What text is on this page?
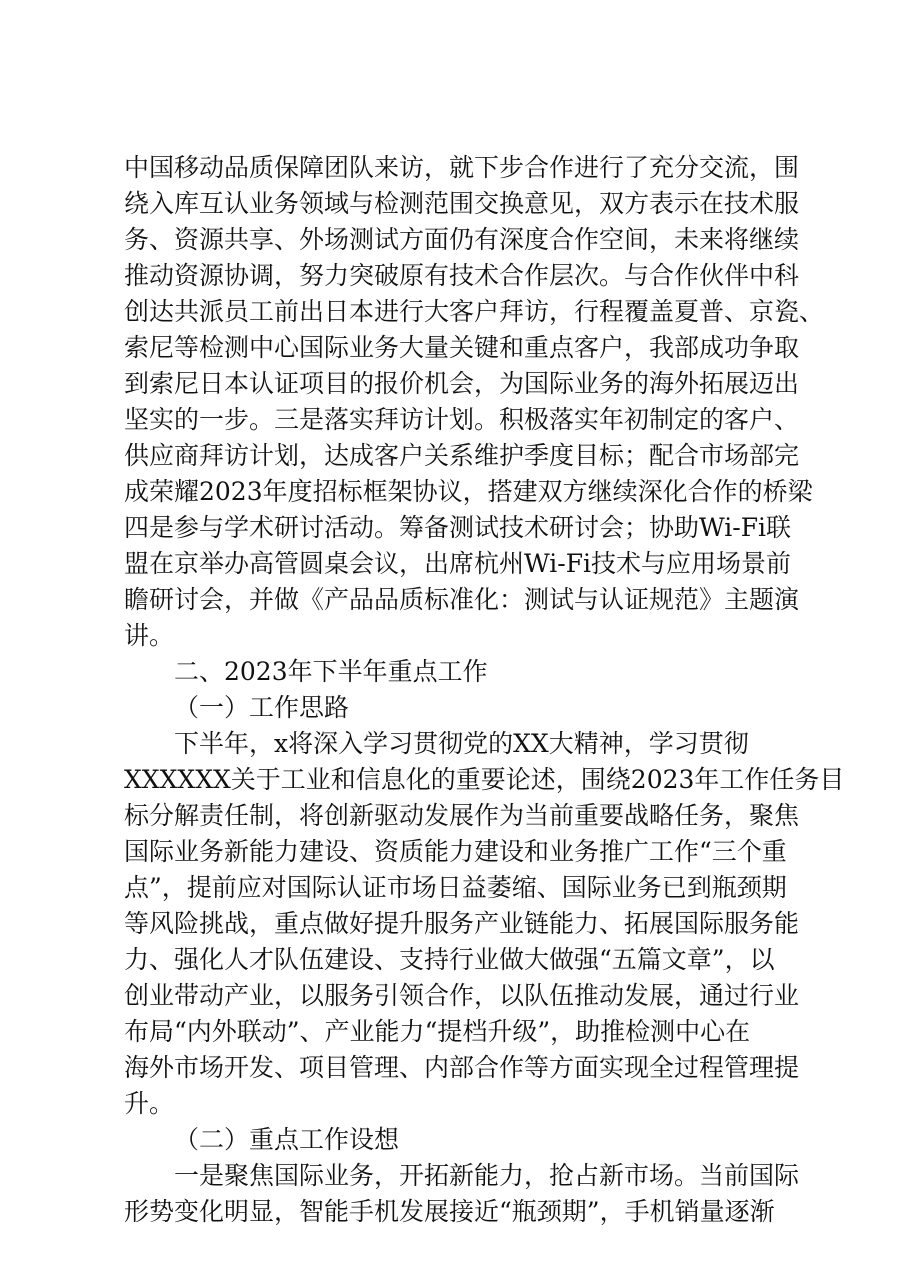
中国移动品质保障团队来访，就下步合作进行了充分交流，围
绕入库互认业务领域与检测范围交换意见，双方表示在技术服
务、资源共享、外场测试方面仍有深度合作空间，未来将继续
推动资源协调，努力突破原有技术合作层次。与合作伙伴中科
创达共派员工前出日本进行大客户拜访，行程覆盖夏普、京瓷、
索尼等检测中心国际业务大量关键和重点客户，我部成功争取
到索尼日本认证项目的报价机会，为国际业务的海外拓展迈出
坚实的一步。三是落实拜访计划。积极落实年初制定的客户、
供应商拜访计划，达成客户关系维护季度目标；配合市场部完
成荣耀2023年度招标框架协议，搭建双方继续深化合作的桥梁
四是参与学术研讨活动。筹备测试技术研讨会；协助Wi-Fi联
盟在京举办高管圆桌会议，出席杭州Wi-Fi技术与应用场景前
瞻研讨会，并做《产品品质标准化：测试与认证规范》主题演
讲。
二、2023年下半年重点工作
（一）工作思路
下半年，x将深入学习贯彻党的XX大精神，学习贯彻
XXXXXX关于工业和信息化的重要论述，围绕2023年工作任务目
标分解责任制，将创新驱动发展作为当前重要战略任务，聚焦
国际业务新能力建设、资质能力建设和业务推广工作“三个重
点”，提前应对国际认证市场日益萎缩、国际业务已到瓶颈期
等风险挑战，重点做好提升服务产业链能力、拓展国际服务能
力、强化人才队伍建设、支持行业做大做强“五篇文章”，以
创业带动产业，以服务引领合作，以队伍推动发展，通过行业
布局“内外联动”、产业能力“提档升级”，助推检测中心在
海外市场开发、项目管理、内部合作等方面实现全过程管理提
升。
（二）重点工作设想
一是聚焦国际业务，开拓新能力，抢占新市场。当前国际
形势变化明显，智能手机发展接近“瓶颈期”，手机销量逐渐
